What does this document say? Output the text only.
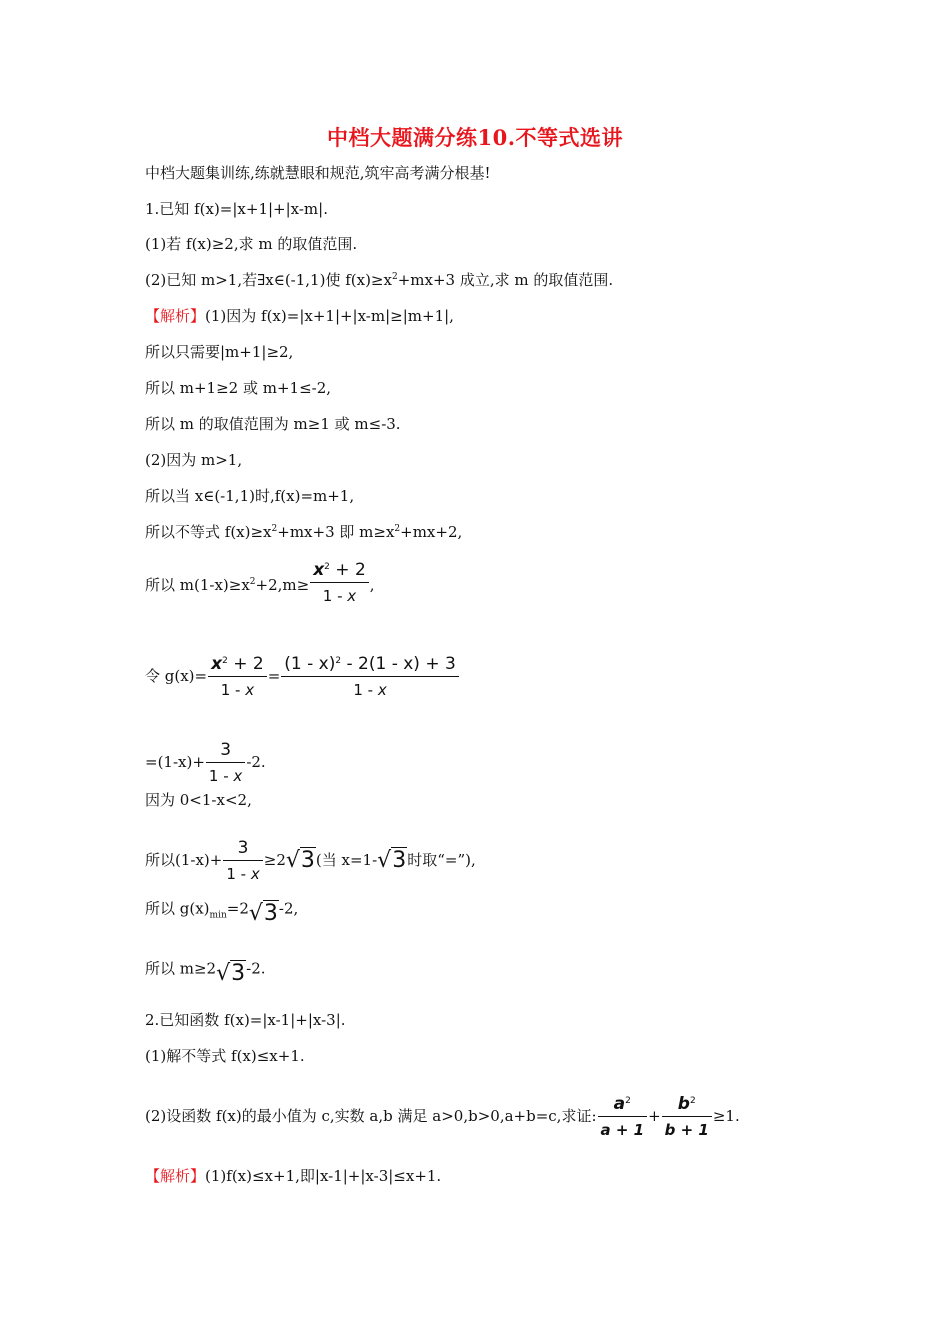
中档大题满分练10.不等式选讲
中档大题集训练,练就慧眼和规范,筑牢高考满分根基!
1.已知 f(x)=|x+1|+|x-m|.
(1)若 f(x)≥2,求 m 的取值范围.
(2)已知 m>1,若∃x∈(-1,1)使 $f(x)\ge x^2+mx+3$ 成立,求 m 的取值范围.
【解析】(1)因为 f(x)=|x+1|+|x-m|≥|m+1|,
所以只需要|m+1|≥2,
所以 m+1≥2 或 m+1≤-2,
所以 m 的取值范围为 m≥1 或 m≤-3.
(2)因为 m>1,
所以当 x∈(-1,1)时,f(x)=m+1,
所以不等式 $f(x)\ge x^2+mx+3$ 即 $m\ge x^2+mx+2$,
所以 $m(1-x)\ge x^2+2,m\ge \frac{x^2 + 2}{1 - x}$ ,
令 $g(x)= \frac{x^2 + 2}{1 - x} = \frac{(1 - x)^2 - 2(1 - x) + 3}{1 - x}$
$=(1-x)+ \frac{3}{1 - x} -2$.
因为 0<1-x<2,
所以$(1-x)+ \frac{3}{1 - x} \ge 2√3$(当 x=1-√3时取“=”),
所以 $g(x)_{min}=2√3-2$,
所以 m≥2√3-2.
2.已知函数 f(x)=|x-1|+|x-3|.
(1)解不等式 f(x)≤x+1.
(2)设函数 f(x)的最小值为 c,实数 a,b 满足 a>0,b>0,a+b=c,求证: $\frac{a^2}{a + 1} + \frac{b^2}{b + 1} \ge 1$.
【解析】(1)f(x)≤x+1,即|x-1|+|x-3|≤x+1.
